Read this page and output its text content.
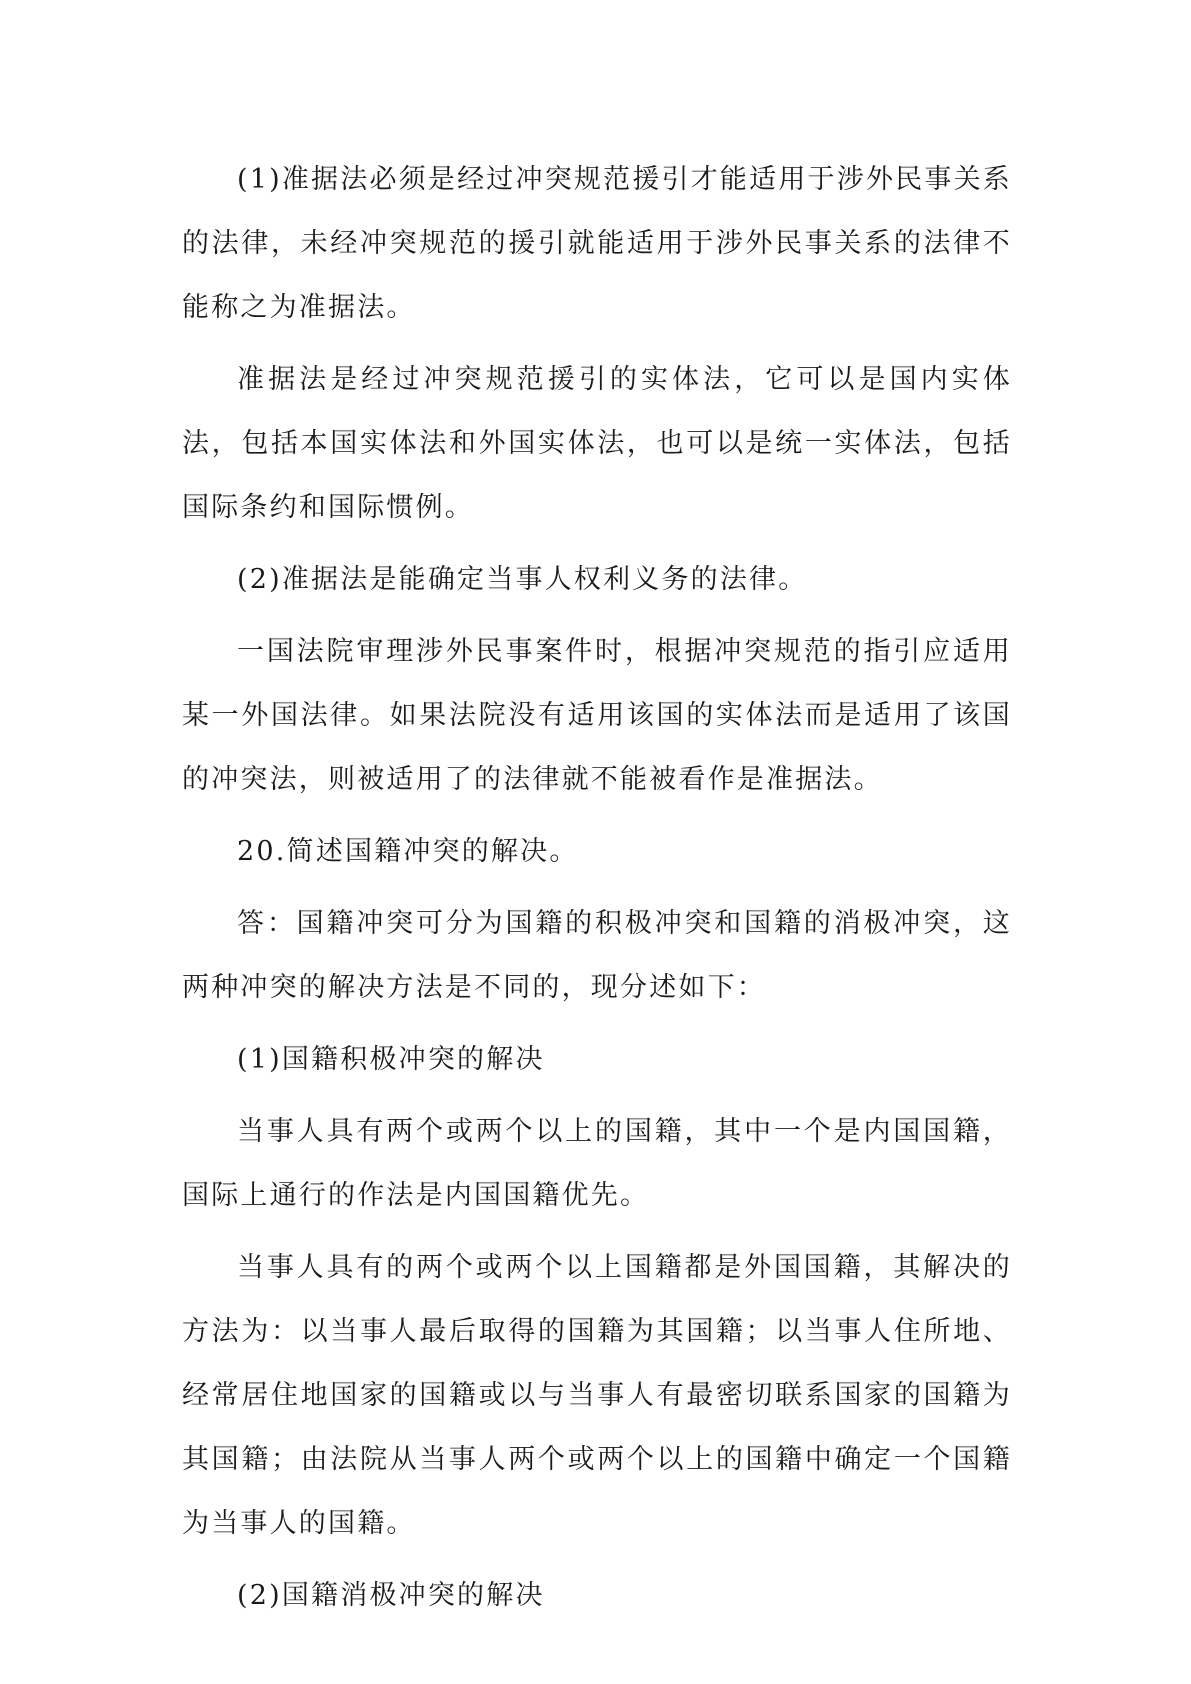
(1)准据法必须是经过冲突规范援引才能适用于涉外民事关系的法律，未经冲突规范的援引就能适用于涉外民事关系的法律不能称之为准据法。

准据法是经过冲突规范援引的实体法，它可以是国内实体法，包括本国实体法和外国实体法，也可以是统一实体法，包括国际条约和国际惯例。

(2)准据法是能确定当事人权利义务的法律。

一国法院审理涉外民事案件时，根据冲突规范的指引应适用某一外国法律。如果法院没有适用该国的实体法而是适用了该国的冲突法，则被适用了的法律就不能被看作是准据法。

20.简述国籍冲突的解决。

答：国籍冲突可分为国籍的积极冲突和国籍的消极冲突，这两种冲突的解决方法是不同的，现分述如下：

(1)国籍积极冲突的解决

当事人具有两个或两个以上的国籍，其中一个是内国国籍，国际上通行的作法是内国国籍优先。

当事人具有的两个或两个以上国籍都是外国国籍，其解决的方法为：以当事人最后取得的国籍为其国籍；以当事人住所地、经常居住地国家的国籍或以与当事人有最密切联系国家的国籍为其国籍；由法院从当事人两个或两个以上的国籍中确定一个国籍为当事人的国籍。

(2)国籍消极冲突的解决
